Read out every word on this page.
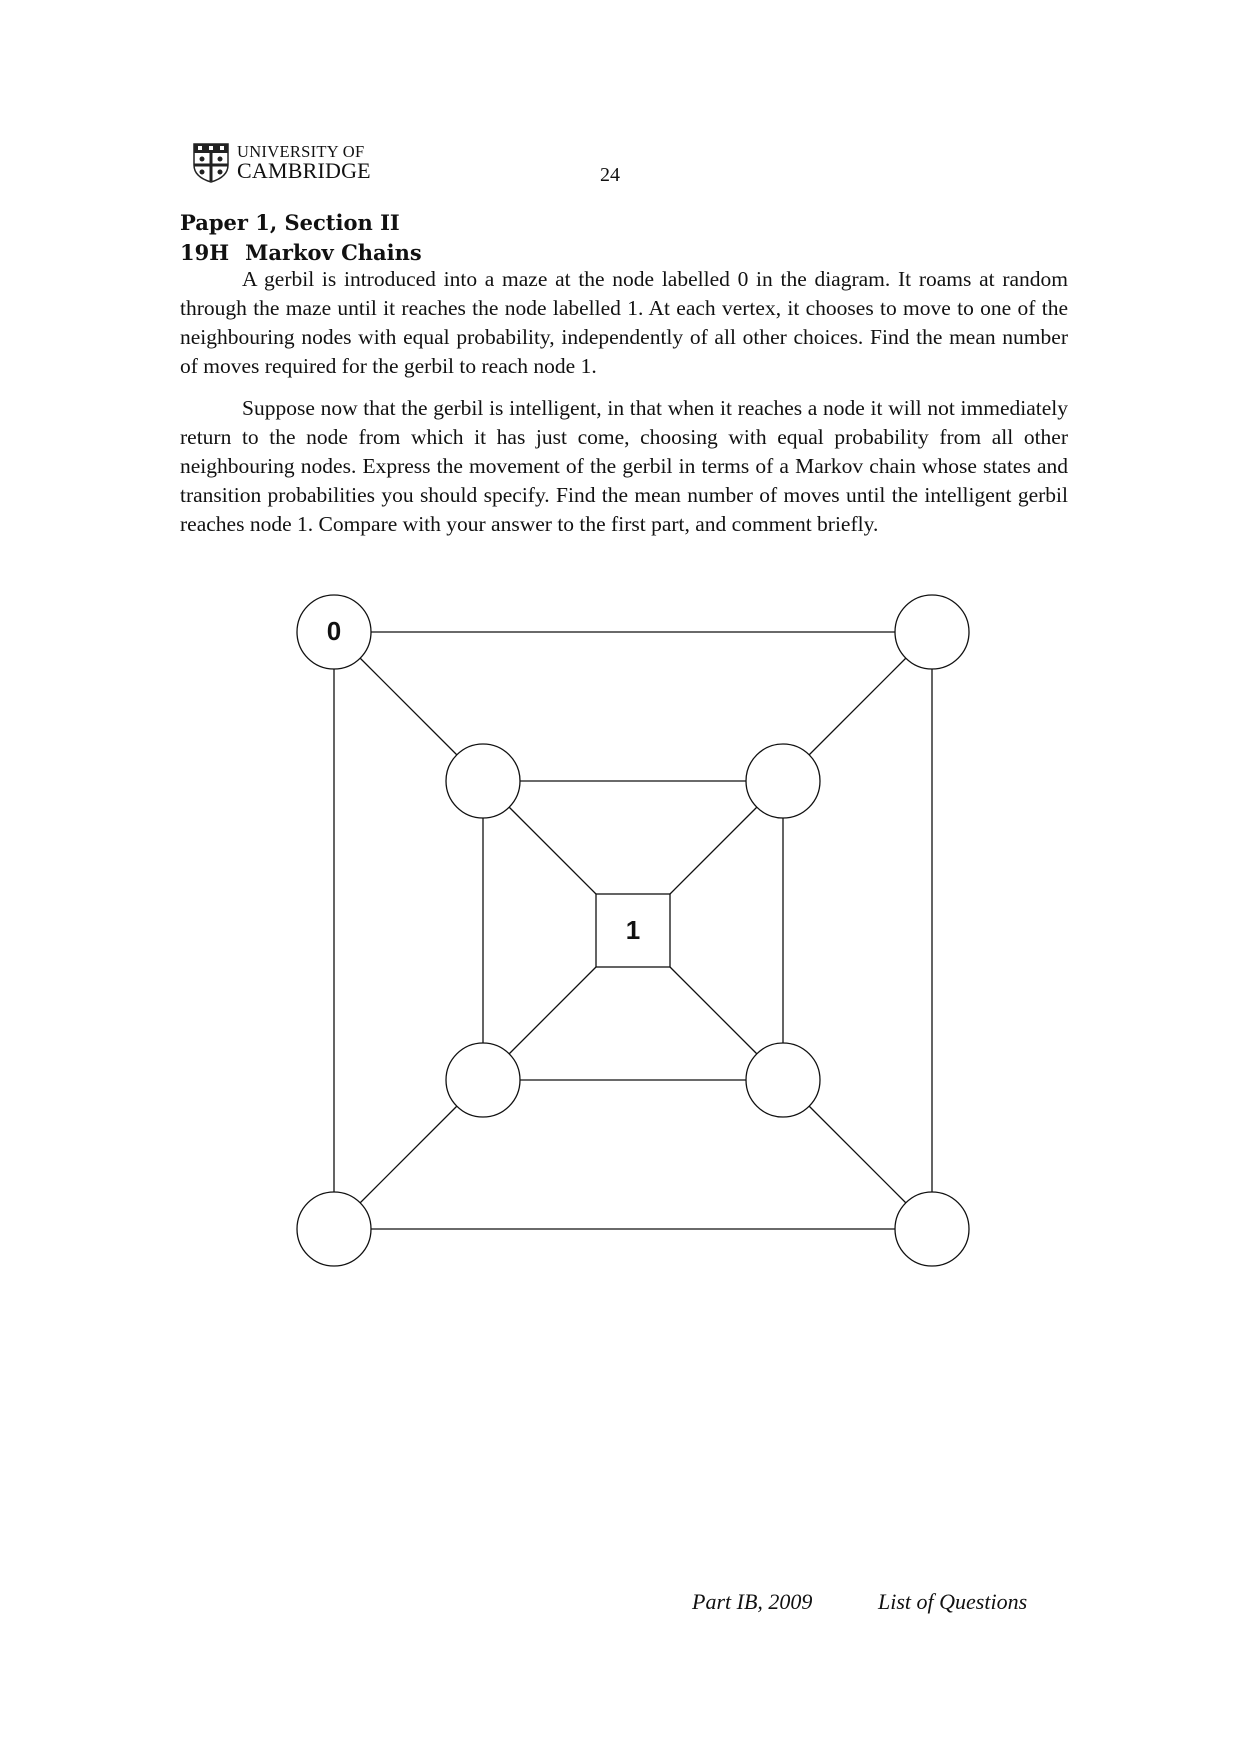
UNIVERSITY OF
CAMBRIDGE	24
Paper 1, Section II
19H Markov Chains

A gerbil is introduced into a maze at the node labelled 0 in the diagram. It roams at random through the maze until it reaches the node labelled 1. At each vertex, it chooses to move to one of the neighbouring nodes with equal probability, independently of all other choices. Find the mean number of moves required for the gerbil to reach node 1.

Suppose now that the gerbil is intelligent, in that when it reaches a node it will not immediately return to the node from which it has just come, choosing with equal probability from all other neighbouring nodes. Express the movement of the gerbil in terms of a Markov chain whose states and transition probabilities you should specify. Find the mean number of moves until the intelligent gerbil reaches node 1. Compare with your answer to the first part, and comment briefly.

0
1
Part IB, 2009	List of Questions
